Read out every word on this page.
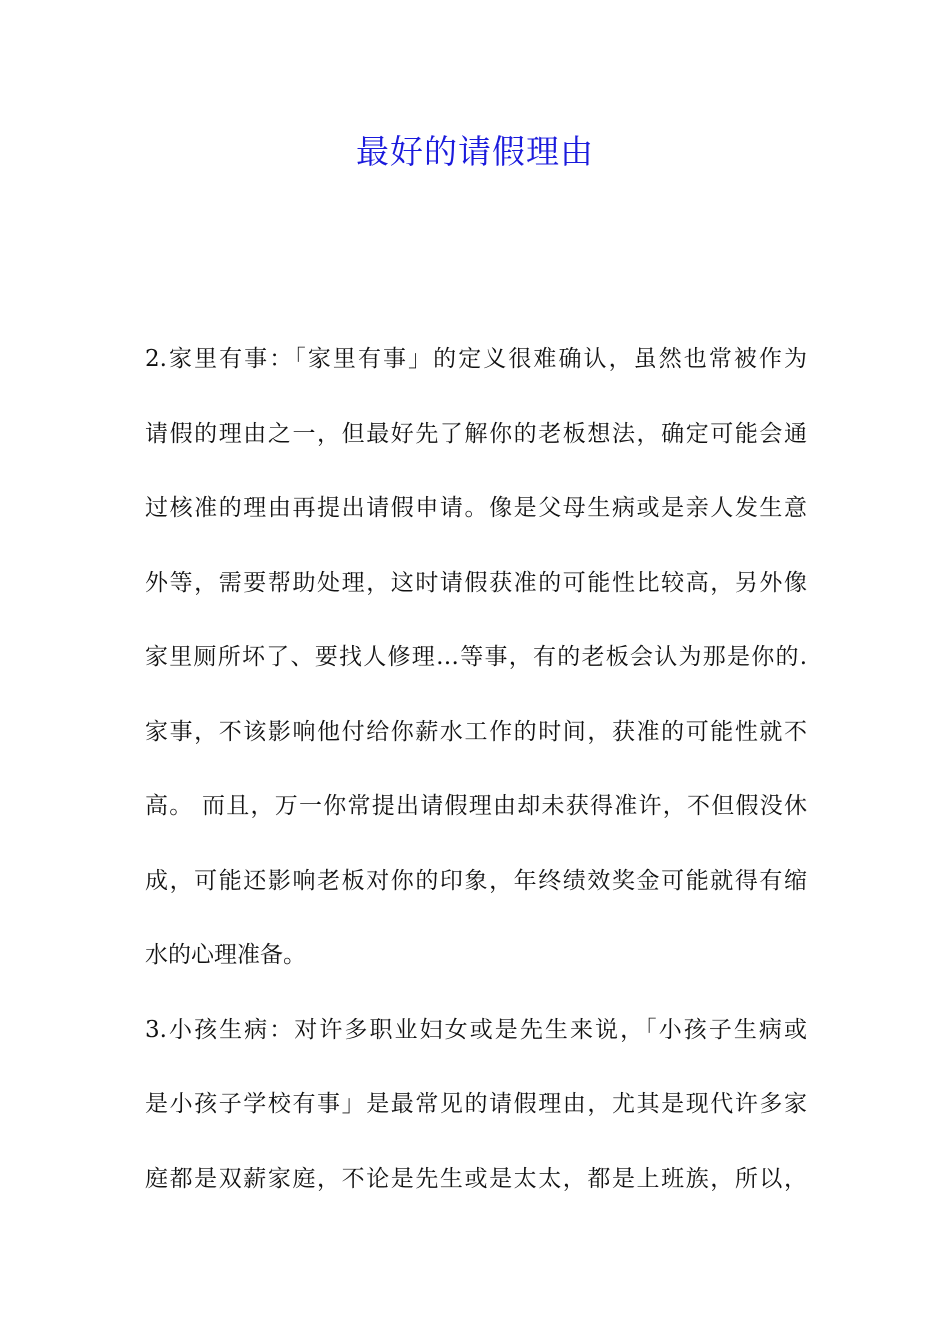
最好的请假理由
2.家里有事：「家里有事」的定义很难确认，虽然也常被作为
请假的理由之一，但最好先了解你的老板想法，确定可能会通
过核准的理由再提出请假申请。像是父母生病或是亲人发生意
外等，需要帮助处理，这时请假获准的可能性比较高，另外像
家里厕所坏了、要找人修理…等事，有的老板会认为那是你的.
家事，不该影响他付给你薪水工作的时间，获准的可能性就不
高。 而且，万一你常提出请假理由却未获得准许，不但假没休
成，可能还影响老板对你的印象，年终绩效奖金可能就得有缩
水的心理准备。
3.小孩生病：对许多职业妇女或是先生来说，「小孩子生病或
是小孩子学校有事」是最常见的请假理由，尤其是现代许多家
庭都是双薪家庭，不论是先生或是太太，都是上班族，所以，
